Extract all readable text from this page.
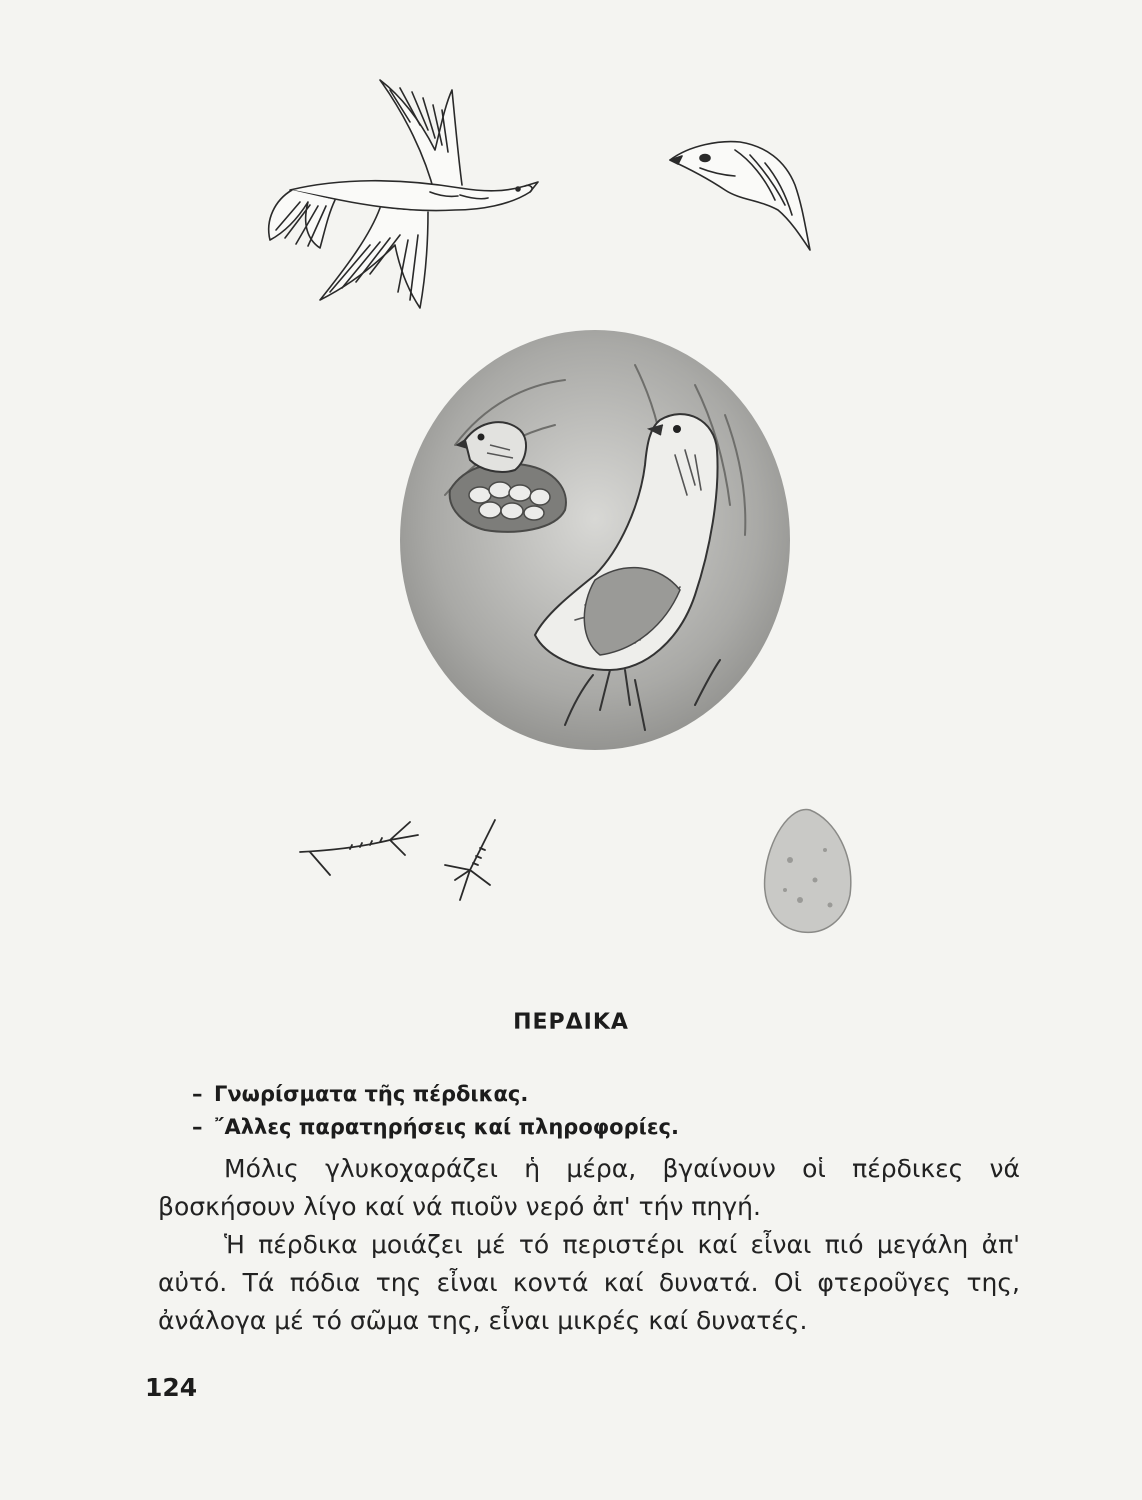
ΠΕΡΔΙΚΑ
– Γνωρίσματα τῆς πέρδικας.
– ῎Αλλες παρατηρήσεις καί πληροφορίες.

Μόλις γλυκοχαράζει ἡ μέρα, βγαίνουν οἱ πέρδικες νά βοσκήσουν λίγο καί νά πιοῦν νερό ἀπ' τήν πηγή.

Ἡ πέρδικα μοιάζει μέ τό περιστέρι καί εἶναι πιό μεγάλη ἀπ' αὐτό. Τά πόδια της εἶναι κοντά καί δυνατά. Οἱ φτεροῦγες της, ἀνάλογα μέ τό σῶμα της, εἶναι μικρές καί δυνατές.

124
